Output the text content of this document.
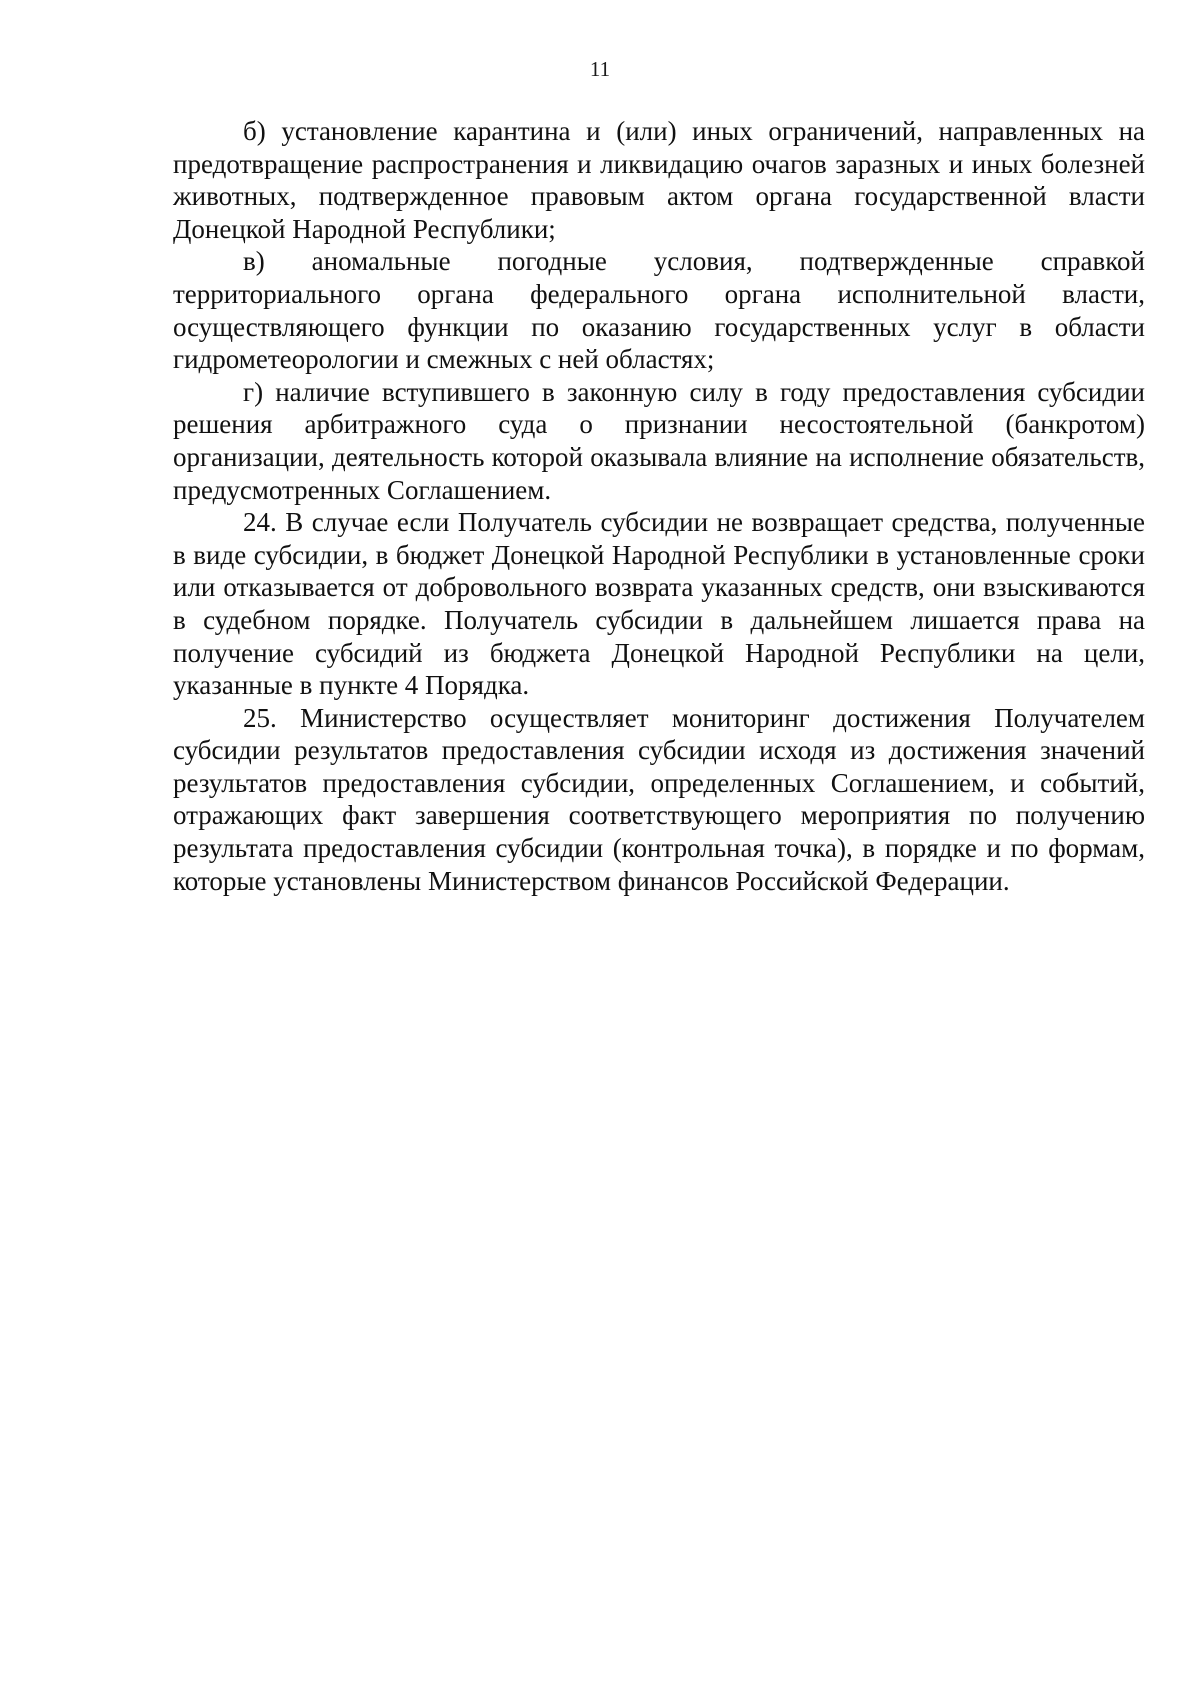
11

б) установление карантина и (или) иных ограничений, направленных на предотвращение распространения и ликвидацию очагов заразных и иных болезней животных, подтвержденное правовым актом органа государственной власти Донецкой Народной Республики;

в) аномальные погодные условия, подтвержденные справкой территориального органа федерального органа исполнительной власти, осуществляющего функции по оказанию государственных услуг в области гидрометеорологии и смежных с ней областях;

г) наличие вступившего в законную силу в году предоставления субсидии решения арбитражного суда о признании несостоятельной (банкротом) организации, деятельность которой оказывала влияние на исполнение обязательств, предусмотренных Соглашением.

24. В случае если Получатель субсидии не возвращает средства, полученные в виде субсидии, в бюджет Донецкой Народной Республики в установленные сроки или отказывается от добровольного возврата указанных средств, они взыскиваются в судебном порядке. Получатель субсидии в дальнейшем лишается права на получение субсидий из бюджета Донецкой Народной Республики на цели, указанные в пункте 4 Порядка.

25. Министерство осуществляет мониторинг достижения Получателем субсидии результатов предоставления субсидии исходя из достижения значений результатов предоставления субсидии, определенных Соглашением, и событий, отражающих факт завершения соответствующего мероприятия по получению результата предоставления субсидии (контрольная точка), в порядке и по формам, которые установлены Министерством финансов Российской Федерации.
